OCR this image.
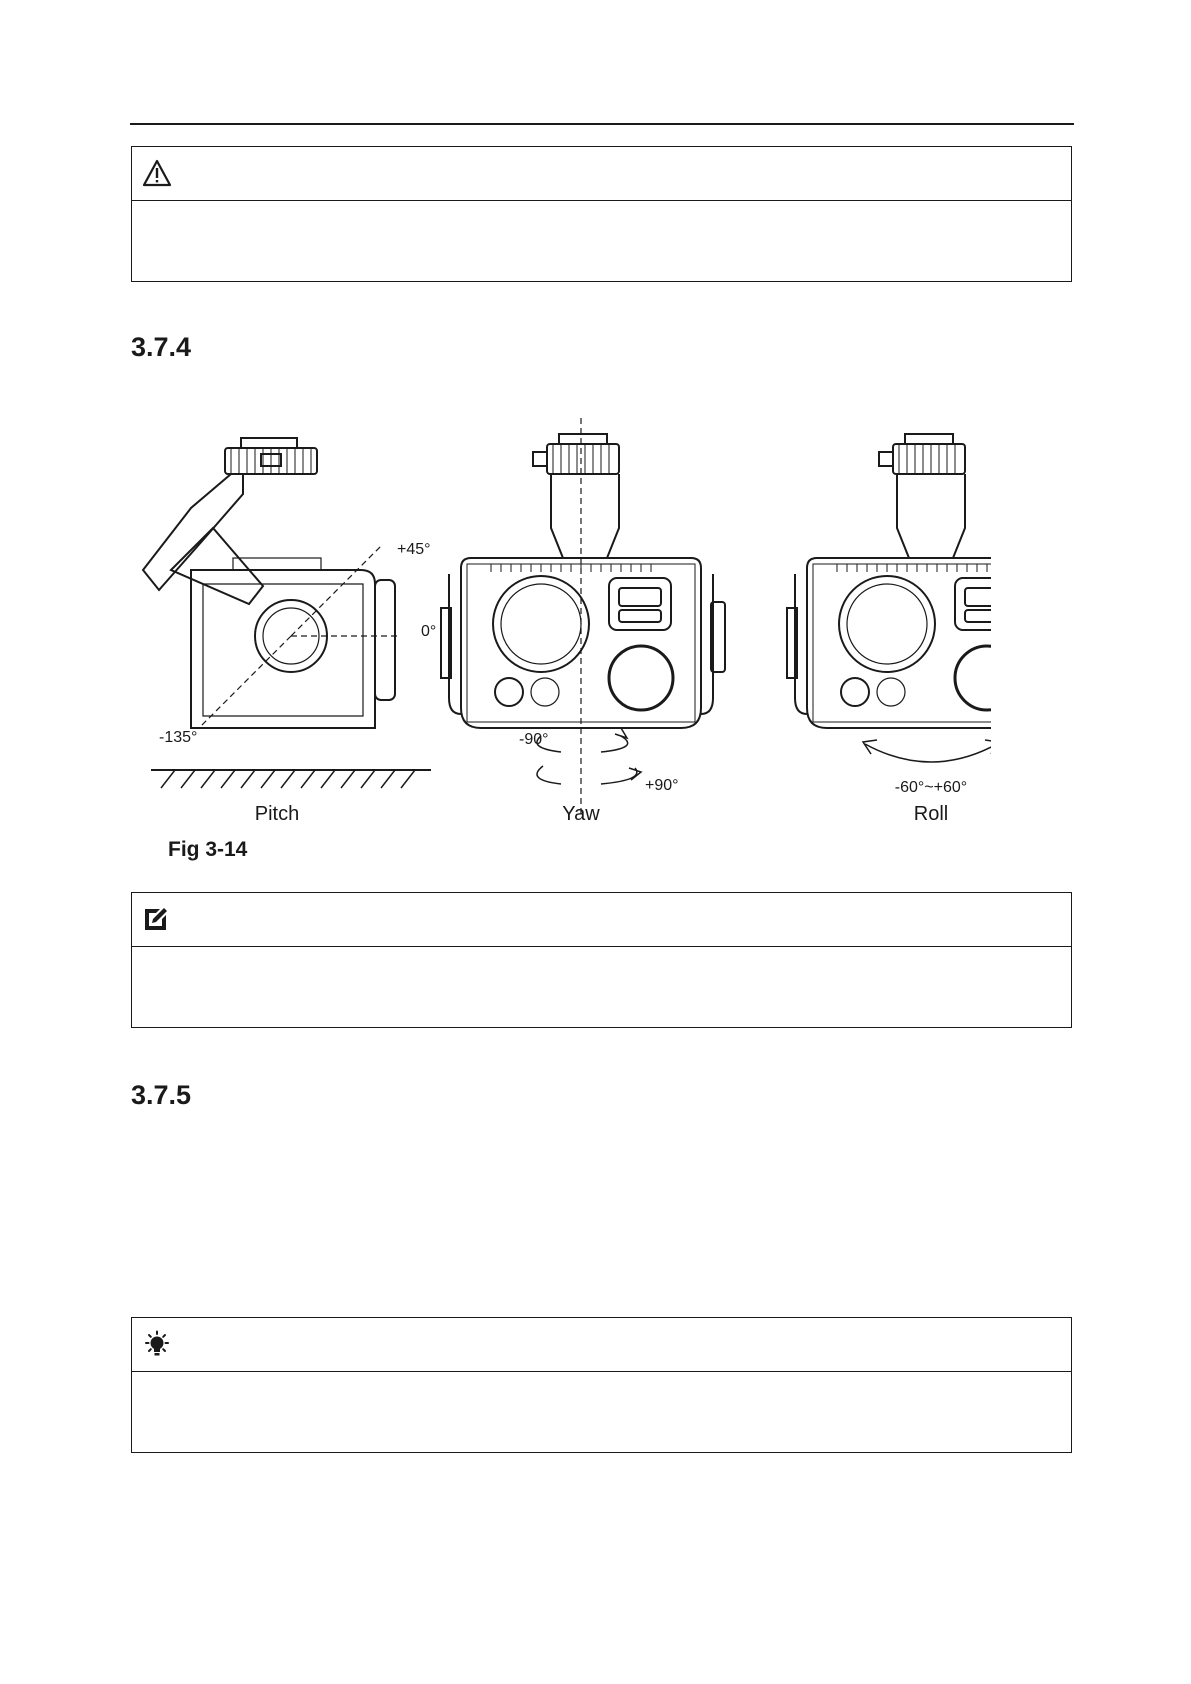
3.7.4
+45°
0°
-135°
Pitch
-90°
+90°
Yaw
-60°~+60°
Roll

Fig 3-14

3.7.5
